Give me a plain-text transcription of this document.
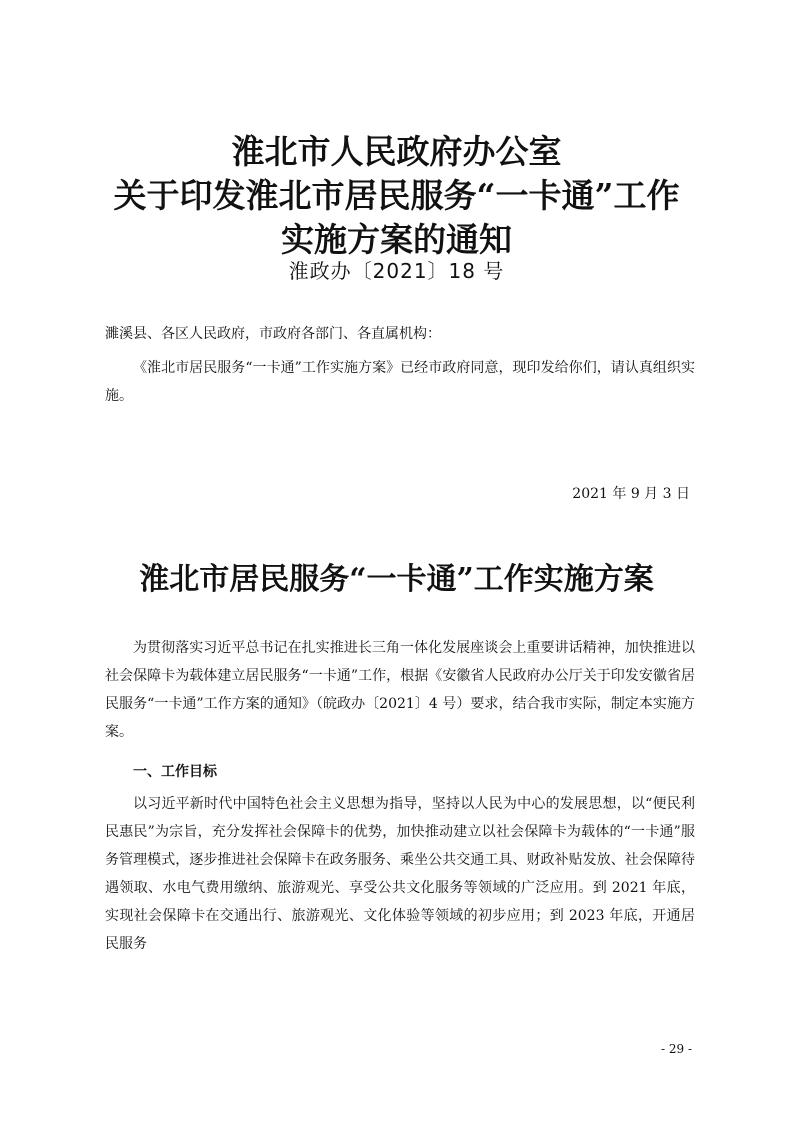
淮北市人民政府办公室
关于印发淮北市居民服务“一卡通”工作
实施方案的通知
淮政办〔2021〕18 号
濉溪县、各区人民政府，市政府各部门、各直属机构：
《淮北市居民服务“一卡通”工作实施方案》已经市政府同意，现印发给你们，请认真组织实施。
2021 年 9 月 3 日
淮北市居民服务“一卡通”工作实施方案
为贯彻落实习近平总书记在扎实推进长三角一体化发展座谈会上重要讲话精神，加快推进以社会保障卡为载体建立居民服务“一卡通”工作，根据《安徽省人民政府办公厅关于印发安徽省居民服务“一卡通”工作方案的通知》（皖政办〔2021〕4 号）要求，结合我市实际，制定本实施方案。
一、工作目标
以习近平新时代中国特色社会主义思想为指导，坚持以人民为中心的发展思想，以“便民利民惠民”为宗旨，充分发挥社会保障卡的优势，加快推动建立以社会保障卡为载体的“一卡通”服务管理模式，逐步推进社会保障卡在政务服务、乘坐公共交通工具、财政补贴发放、社会保障待遇领取、水电气费用缴纳、旅游观光、享受公共文化服务等领域的广泛应用。到 2021 年底，实现社会保障卡在交通出行、旅游观光、文化体验等领域的初步应用；到 2023 年底，开通居民服务
- 29 -
